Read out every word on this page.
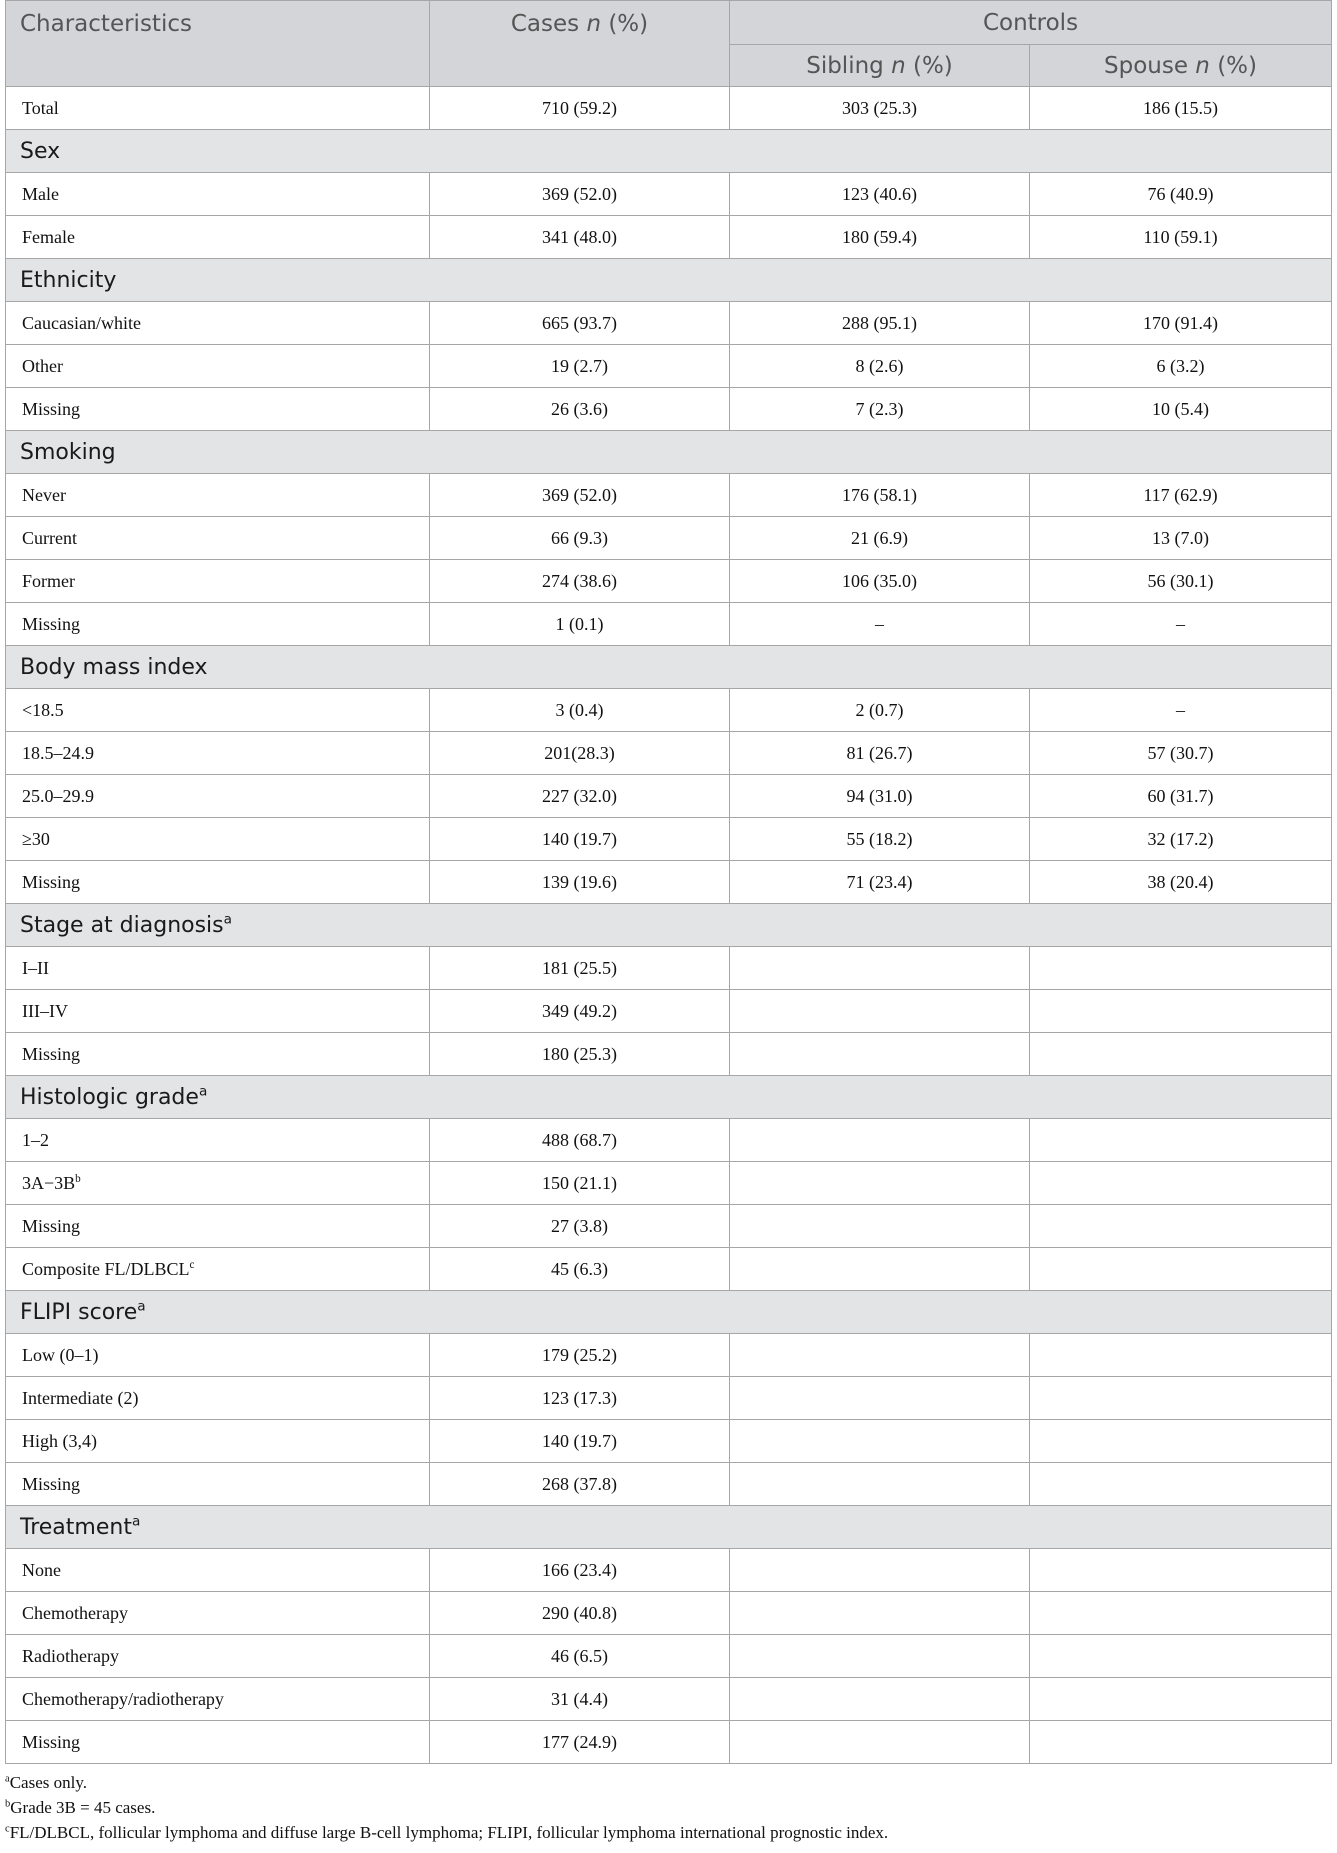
Characteristics	Cases n (%)	Controls	
		Sibling n (%)	Spouse n (%)
Total	710 (59.2)	303 (25.3)	186 (15.5)
Sex			
Male	369 (52.0)	123 (40.6)	76 (40.9)
Female	341 (48.0)	180 (59.4)	110 (59.1)
Ethnicity			
Caucasian/white	665 (93.7)	288 (95.1)	170 (91.4)
Other	19 (2.7)	8 (2.6)	6 (3.2)
Missing	26 (3.6)	7 (2.3)	10 (5.4)
Smoking			
Never	369 (52.0)	176 (58.1)	117 (62.9)
Current	66 (9.3)	21 (6.9)	13 (7.0)
Former	274 (38.6)	106 (35.0)	56 (30.1)
Missing	1 (0.1)	–	–
Body mass index			
<18.5	3 (0.4)	2 (0.7)	–
18.5–24.9	201(28.3)	81 (26.7)	57 (30.7)
25.0–29.9	227 (32.0)	94 (31.0)	60 (31.7)
≥30	140 (19.7)	55 (18.2)	32 (17.2)
Missing	139 (19.6)	71 (23.4)	38 (20.4)
Stage at diagnosis$^a$
I–II	181 (25.5)		
III–IV	349 (49.2)		
Missing	180 (25.3)		
Histologic grade$^a$
1–2	488 (68.7)		
$3A-3B^b$	150 (21.1)		
Missing	27 (3.8)		
Composite FL/DLBCL$^c$	45 (6.3)		
FLIPI score$^a$
Low (0–1)	179 (25.2)		
Intermediate (2)	123 (17.3)		
High (3,4)	140 (19.7)		
Missing	268 (37.8)		
Treatment$^a$
None	166 (23.4)		
Chemotherapy	290 (40.8)		
Radiotherapy	46 (6.5)		
Chemotherapy/radiotherapy	31 (4.4)		
Missing	177 (24.9)		
$^a$Cases only.
$^b$Grade 3B = 45 cases.
$^c$FL/DLBCL, follicular lymphoma and diffuse large B-cell lymphoma; FLIPI, follicular lymphoma international prognostic index.
